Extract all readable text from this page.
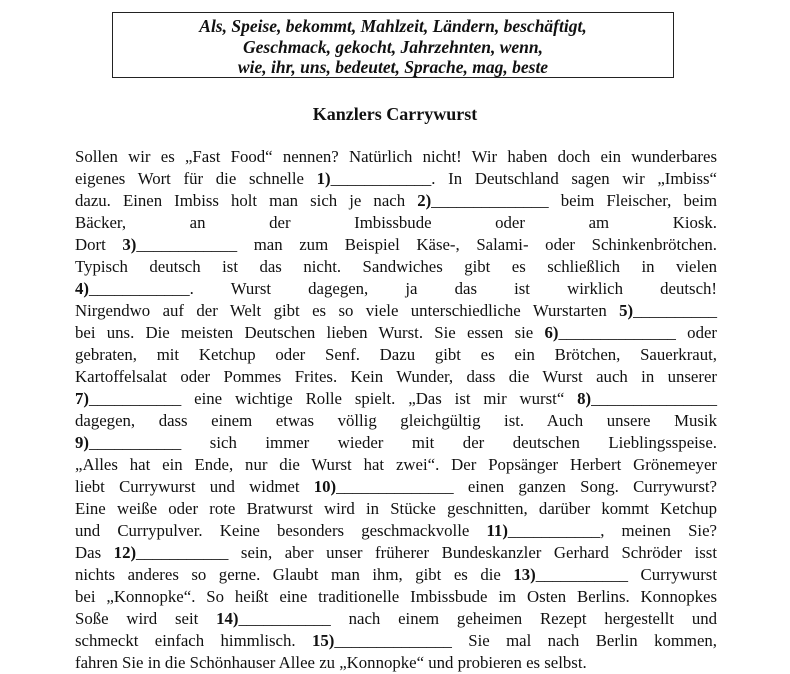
Als, Speise, bekommt, Mahlzeit, Ländern, beschäftigt,
Geschmack, gekocht, Jahrzehnten, wenn,
wie, ihr, uns, bedeutet, Sprache, mag, beste
Kanzlers Carrywurst
Sollen wir es „Fast Food“ nennen? Natürlich nicht! Wir haben doch ein wunderbares
eigenes Wort für die schnelle 1)____________. In Deutschland sagen wir „Imbiss“
dazu. Einen Imbiss holt man sich je nach 2)______________ beim Fleischer, beim
Bäcker, an der Imbissbude oder am Kiosk.
Dort 3)____________ man zum Beispiel Käse-, Salami- oder Schinkenbrötchen.
Typisch deutsch ist das nicht. Sandwiches gibt es schließlich in vielen
4)____________. Wurst dagegen, ja das ist wirklich deutsch!
Nirgendwo auf der Welt gibt es so viele unterschiedliche Wurstarten 5)__________
bei uns. Die meisten Deutschen lieben Wurst. Sie essen sie 6)______________ oder
gebraten, mit Ketchup oder Senf. Dazu gibt es ein Brötchen, Sauerkraut,
Kartoffelsalat oder Pommes Frites. Kein Wunder, dass die Wurst auch in unserer
7)___________ eine wichtige Rolle spielt. „Das ist mir wurst“ 8)_______________
dagegen, dass einem etwas völlig gleichgültig ist. Auch unsere Musik
9)___________ sich immer wieder mit der deutschen Lieblingsspeise.
„Alles hat ein Ende, nur die Wurst hat zwei“. Der Popsänger Herbert Grönemeyer
liebt Currywurst und widmet 10)______________ einen ganzen Song. Currywurst?
Eine weiße oder rote Bratwurst wird in Stücke geschnitten, darüber kommt Ketchup
und Currypulver. Keine besonders geschmackvolle 11)___________, meinen Sie?
Das 12)___________ sein, aber unser früherer Bundeskanzler Gerhard Schröder isst
nichts anderes so gerne. Glaubt man ihm, gibt es die 13)___________ Currywurst
bei „Konnopke“. So heißt eine traditionelle Imbissbude im Osten Berlins. Konnopkes
Soße wird seit 14)___________ nach einem geheimen Rezept hergestellt und
schmeckt einfach himmlisch. 15)______________ Sie mal nach Berlin kommen,
fahren Sie in die Schönhauser Allee zu „Konnopke“ und probieren es selbst.
